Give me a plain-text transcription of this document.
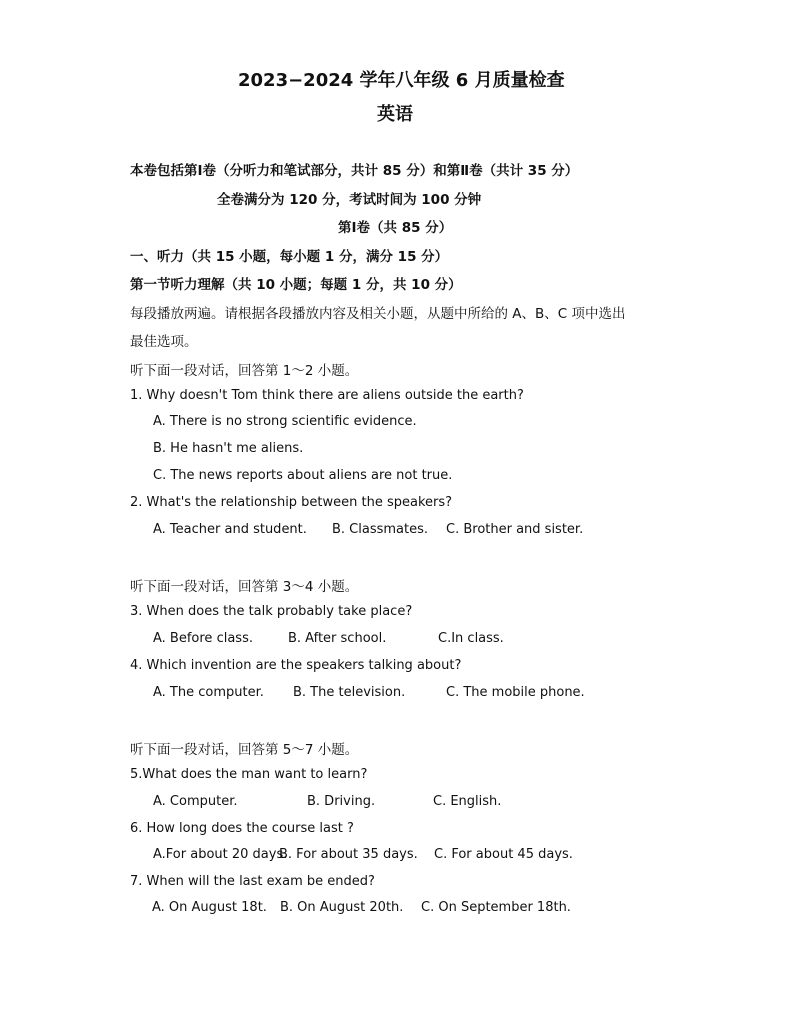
2023−2024 学年八年级 6 月质量检查
英语
本卷包括第Ⅰ卷（分听力和笔试部分，共计 85 分）和第Ⅱ卷（共计 35 分）
全卷满分为 120 分，考试时间为 100 分钟
第Ⅰ卷（共 85 分）
一、听力（共 15 小题，每小题 1 分，满分 15 分）
第一节听力理解（共 10 小题；每题 1 分，共 10 分）
每段播放两遍。请根据各段播放内容及相关小题，从题中所给的 A、B、C 项中选出
最佳选项。
听下面一段对话，回答第 1～2 小题。
1. Why doesn't Tom think there are aliens outside the earth?
A. There is no strong scientific evidence.
B. He hasn't me aliens.
C. The news reports about aliens are not true.
2. What's the relationship between the speakers?
A. Teacher and student. B. Classmates. C. Brother and sister.
听下面一段对话，回答第 3～4 小题。
3. When does the talk probably take place?
A. Before class.	B. After school.	C.In class.
4. Which invention are the speakers talking about?
A. The computer. B. The television.	C. The mobile phone.
听下面一段对话，回答第 5～7 小题。
5.What does the man want to learn?
A. Computer.	B. Driving.	C. English.
6. How long does the course last ?
A.For about 20 days.
B. For about 35 days. C. For about 45 days.
7. When will the last exam be ended?
A. On August 18t. B. On August 20th. C. On September 18th.
